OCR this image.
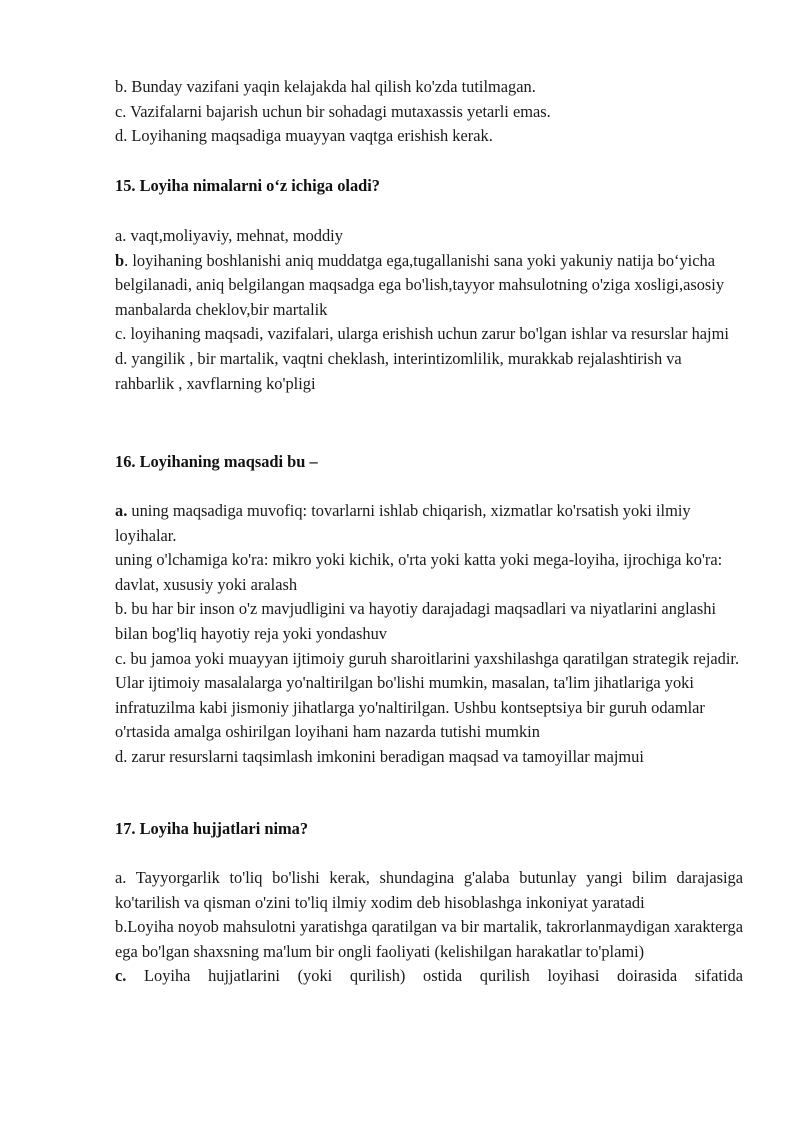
b. Bunday vazifani yaqin kelajakda hal qilish ko'zda tutilmagan.

c. Vazifalarni bajarish uchun bir sohadagi mutaxassis yetarli emas.

d. Loyihaning maqsadiga muayyan vaqtga erishish kerak.

15. Loyiha nimalarni o‘z ichiga oladi?

a. vaqt,moliyaviy, mehnat, moddiy

b. loyihaning boshlanishi aniq muddatga ega,tugallanishi sana yoki yakuniy natija bo‘yicha belgilanadi, aniq belgilangan maqsadga ega bo'lish,tayyor mahsulotning o'ziga xosligi,asosiy manbalarda cheklov,bir martalik

c. loyihaning maqsadi, vazifalari, ularga erishish uchun zarur bo'lgan ishlar va resurslar hajmi

d. yangilik , bir martalik, vaqtni cheklash, interintizomlilik, murakkab rejalashtirish va rahbarlik , xavflarning ko'pligi

16. Loyihaning maqsadi bu –

a. uning maqsadiga muvofiq: tovarlarni ishlab chiqarish, xizmatlar ko'rsatish yoki ilmiy loyihalar.

uning o'lchamiga ko'ra: mikro yoki kichik, o'rta yoki katta yoki mega-loyiha, ijrochiga ko'ra: davlat, xususiy yoki aralash

b. bu har bir inson o'z mavjudligini va hayotiy darajadagi maqsadlari va niyatlarini anglashi bilan bog'liq hayotiy reja yoki yondashuv

c. bu jamoa yoki muayyan ijtimoiy guruh sharoitlarini yaxshilashga qaratilgan strategik rejadir. Ular ijtimoiy masalalarga yo'naltirilgan bo'lishi mumkin, masalan, ta'lim jihatlariga yoki infratuzilma kabi jismoniy jihatlarga yo'naltirilgan. Ushbu kontseptsiya bir guruh odamlar o'rtasida amalga oshirilgan loyihani ham nazarda tutishi mumkin

d. zarur resurslarni taqsimlash imkonini beradigan maqsad va tamoyillar majmui

17. Loyiha hujjatlari nima?

a. Tayyorgarlik to'liq bo'lishi kerak, shundagina g'alaba butunlay yangi bilim darajasiga ko'tarilish va qisman o'zini to'liq ilmiy xodim deb hisoblashga inkoniyat yaratadi

b.Loyiha noyob mahsulotni yaratishga qaratilgan va bir martalik, takrorlanmaydigan xarakterga ega bo'lgan shaxsning ma'lum bir ongli faoliyati (kelishilgan harakatlar to'plami)

c. Loyiha hujjatlarini (yoki qurilish) ostida qurilish loyihasi doirasida sifatida
